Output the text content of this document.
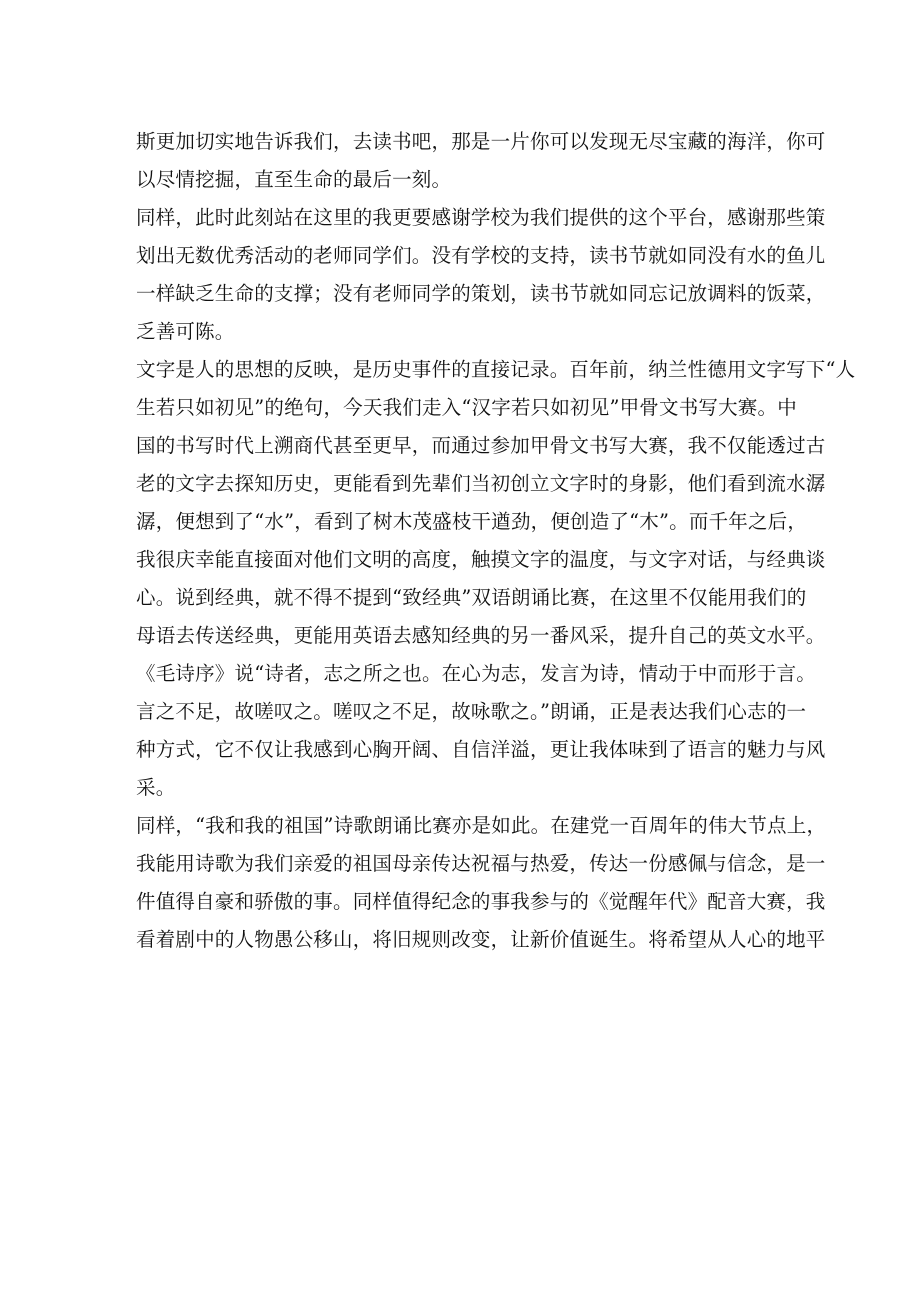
斯更加切实地告诉我们，去读书吧，那是一片你可以发现无尽宝藏的海洋，你可
以尽情挖掘，直至生命的最后一刻。
同样，此时此刻站在这里的我更要感谢学校为我们提供的这个平台，感谢那些策
划出无数优秀活动的老师同学们。没有学校的支持，读书节就如同没有水的鱼儿
一样缺乏生命的支撑；没有老师同学的策划，读书节就如同忘记放调料的饭菜，
乏善可陈。
文字是人的思想的反映，是历史事件的直接记录。百年前，纳兰性德用文字写下“人
生若只如初见”的绝句，今天我们走入“汉字若只如初见”甲骨文书写大赛。中
国的书写时代上溯商代甚至更早，而通过参加甲骨文书写大赛，我不仅能透过古
老的文字去探知历史，更能看到先辈们当初创立文字时的身影，他们看到流水潺
潺，便想到了“水”，看到了树木茂盛枝干遒劲，便创造了“木”。而千年之后，
我很庆幸能直接面对他们文明的高度，触摸文字的温度，与文字对话，与经典谈
心。说到经典，就不得不提到“致经典”双语朗诵比赛，在这里不仅能用我们的
母语去传送经典，更能用英语去感知经典的另一番风采，提升自己的英文水平。
《毛诗序》说“诗者，志之所之也。在心为志，发言为诗，情动于中而形于言。
言之不足，故嗟叹之。嗟叹之不足，故咏歌之。”朗诵，正是表达我们心志的一
种方式，它不仅让我感到心胸开阔、自信洋溢，更让我体味到了语言的魅力与风
采。
同样，“我和我的祖国”诗歌朗诵比赛亦是如此。在建党一百周年的伟大节点上，
我能用诗歌为我们亲爱的祖国母亲传达祝福与热爱，传达一份感佩与信念，是一
件值得自豪和骄傲的事。同样值得纪念的事我参与的《觉醒年代》配音大赛，我
看着剧中的人物愚公移山，将旧规则改变，让新价值诞生。将希望从人心的地平
